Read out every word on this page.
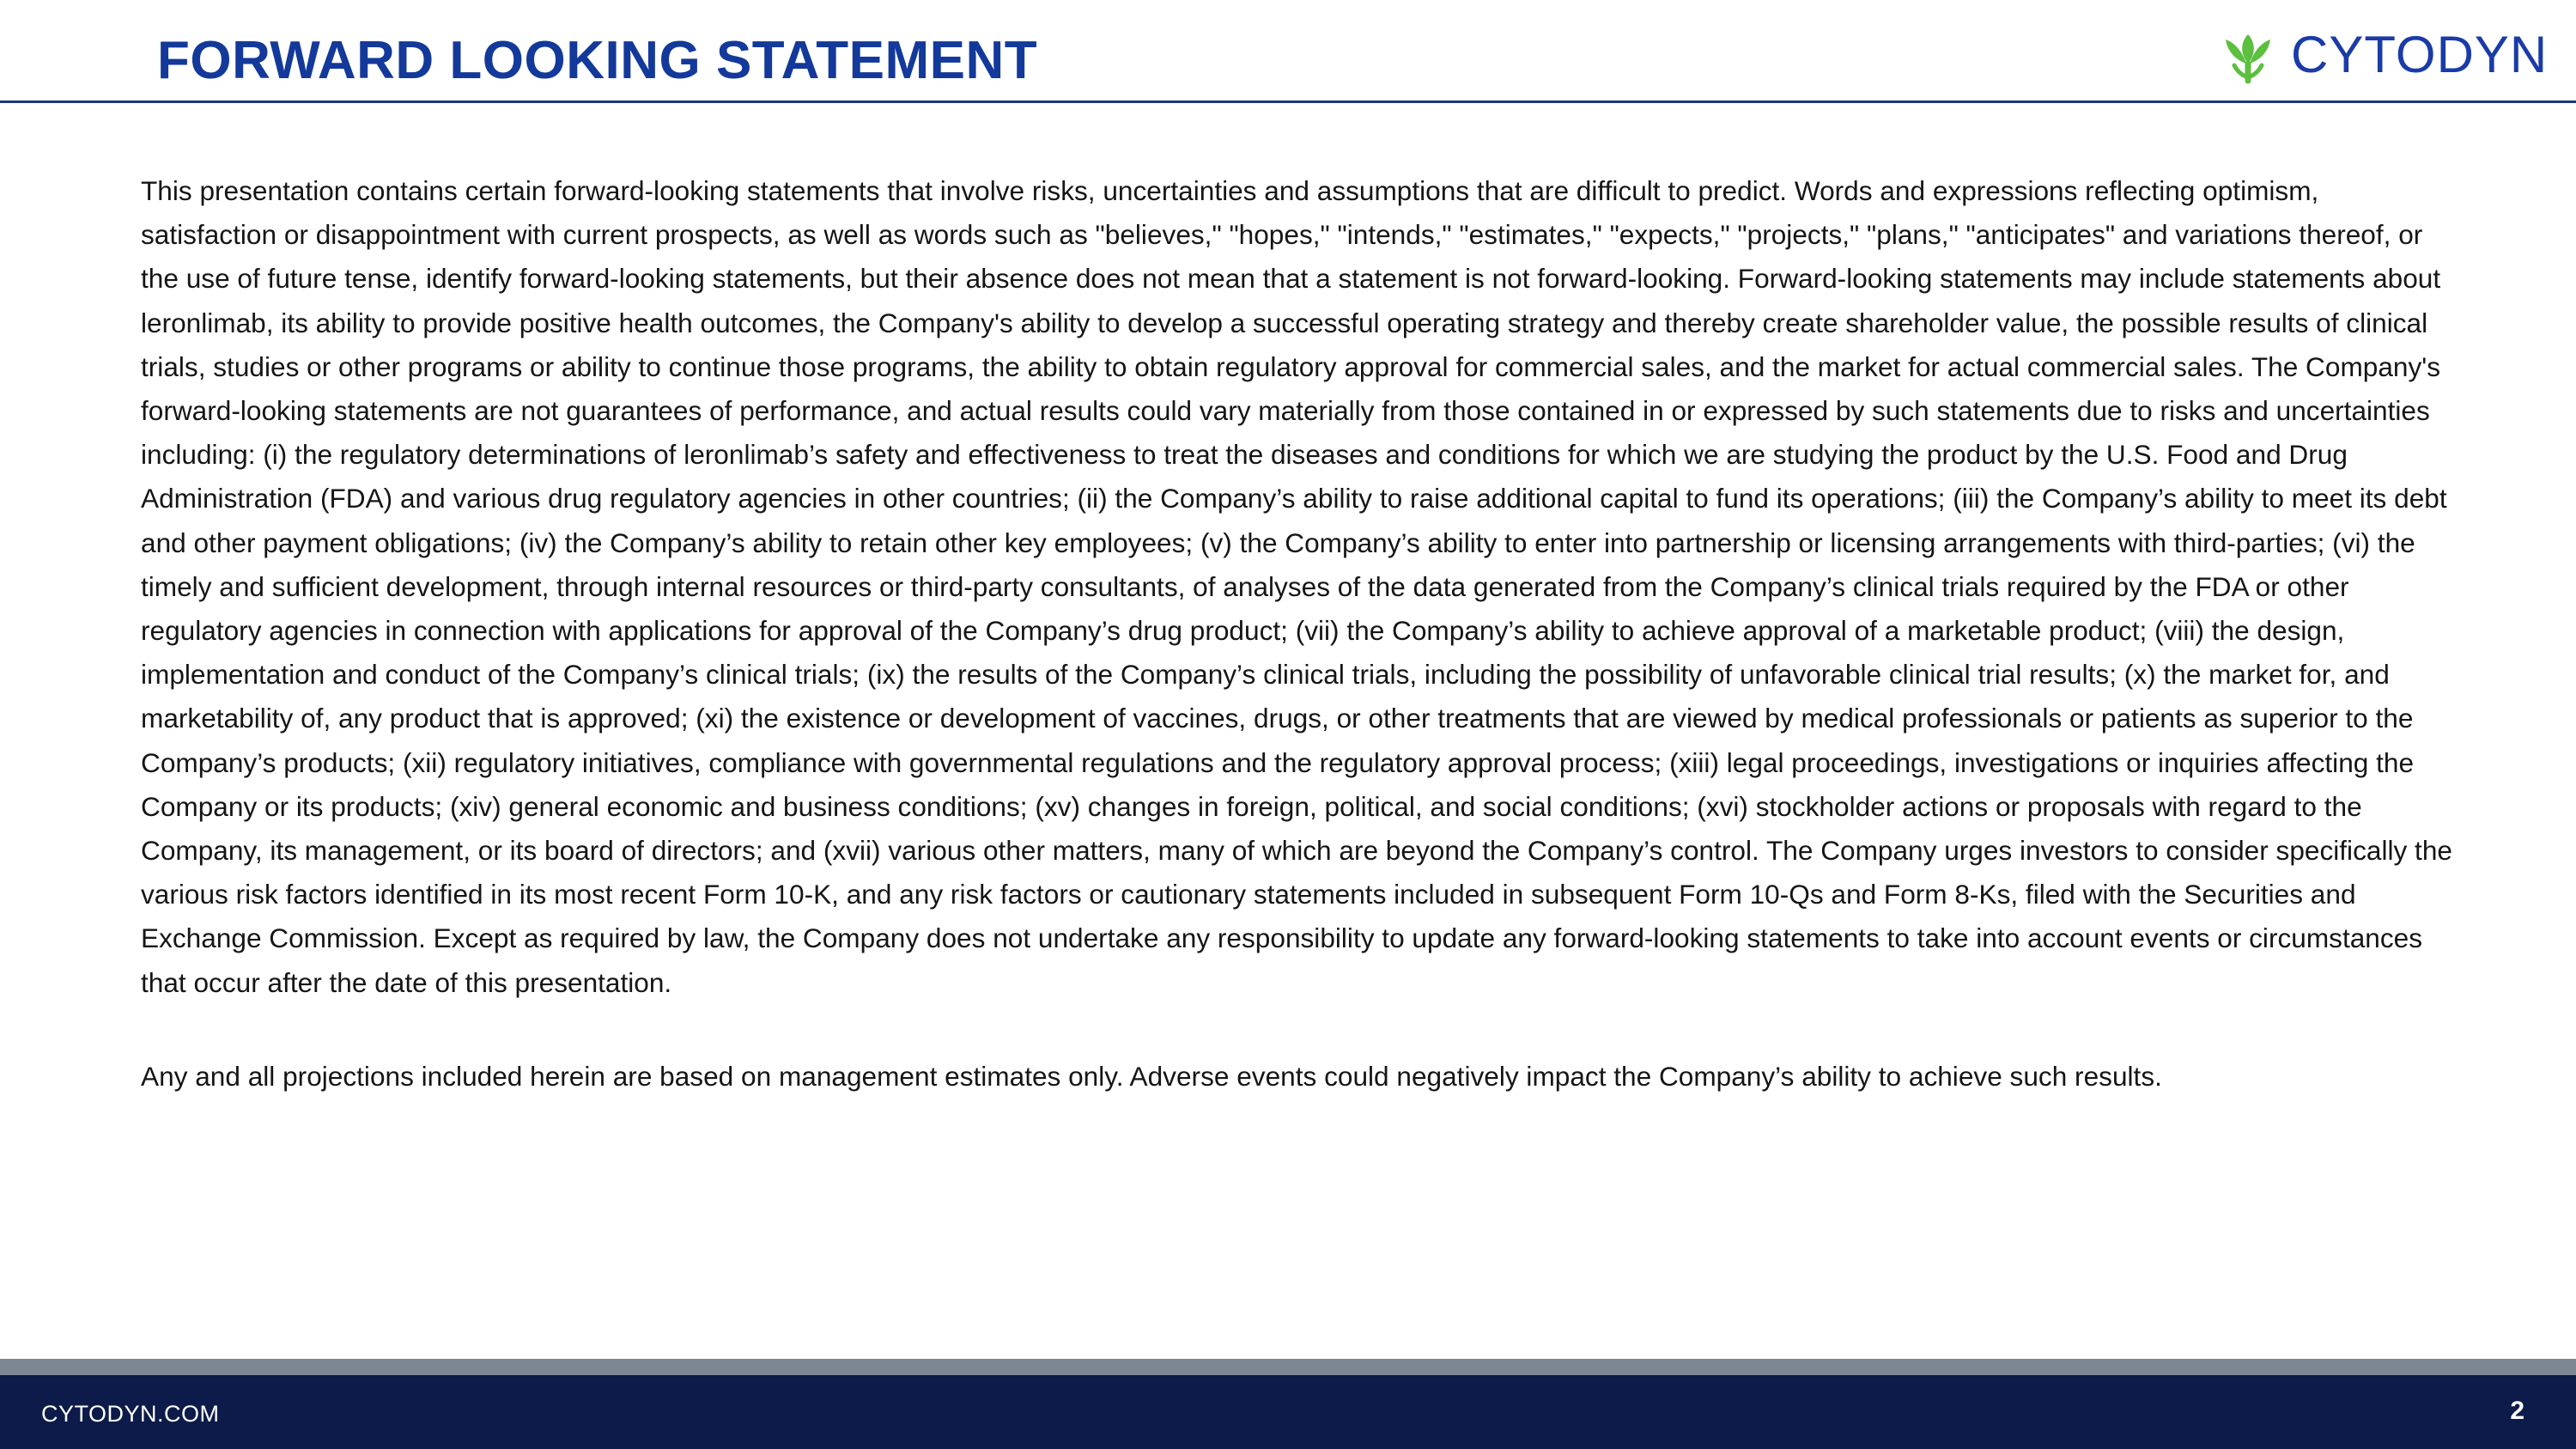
FORWARD LOOKING STATEMENT	CYTODYN

This presentation contains certain forward-looking statements that involve risks, uncertainties and assumptions that are difficult to predict. Words and expressions reflecting optimism, satisfaction or disappointment with current prospects, as well as words such as "believes," "hopes," "intends," "estimates," "expects," "projects," "plans," "anticipates" and variations thereof, or the use of future tense, identify forward-looking statements, but their absence does not mean that a statement is not forward-looking. Forward-looking statements may include statements about leronlimab, its ability to provide positive health outcomes, the Company's ability to develop a successful operating strategy and thereby create shareholder value, the possible results of clinical trials, studies or other programs or ability to continue those programs, the ability to obtain regulatory approval for commercial sales, and the market for actual commercial sales. The Company's forward-looking statements are not guarantees of performance, and actual results could vary materially from those contained in or expressed by such statements due to risks and uncertainties including: (i) the regulatory determinations of leronlimab’s safety and effectiveness to treat the diseases and conditions for which we are studying the product by the U.S. Food and Drug Administration (FDA) and various drug regulatory agencies in other countries; (ii) the Company’s ability to raise additional capital to fund its operations; (iii) the Company’s ability to meet its debt and other payment obligations; (iv) the Company’s ability to retain other key employees; (v) the Company’s ability to enter into partnership or licensing arrangements with third-parties; (vi) the timely and sufficient development, through internal resources or third-party consultants, of analyses of the data generated from the Company’s clinical trials required by the FDA or other regulatory agencies in connection with applications for approval of the Company’s drug product; (vii) the Company’s ability to achieve approval of a marketable product; (viii) the design, implementation and conduct of the Company’s clinical trials; (ix) the results of the Company’s clinical trials, including the possibility of unfavorable clinical trial results; (x) the market for, and marketability of, any product that is approved; (xi) the existence or development of vaccines, drugs, or other treatments that are viewed by medical professionals or patients as superior to the Company’s products; (xii) regulatory initiatives, compliance with governmental regulations and the regulatory approval process; (xiii) legal proceedings, investigations or inquiries affecting the Company or its products; (xiv) general economic and business conditions; (xv) changes in foreign, political, and social conditions; (xvi) stockholder actions or proposals with regard to the Company, its management, or its board of directors; and (xvii) various other matters, many of which are beyond the Company’s control. The Company urges investors to consider specifically the various risk factors identified in its most recent Form 10-K, and any risk factors or cautionary statements included in subsequent Form 10-Qs and Form 8-Ks, filed with the Securities and Exchange Commission. Except as required by law, the Company does not undertake any responsibility to update any forward-looking statements to take into account events or circumstances that occur after the date of this presentation.

Any and all projections included herein are based on management estimates only. Adverse events could negatively impact the Company’s ability to achieve such results.

CYTODYN.COM	2
